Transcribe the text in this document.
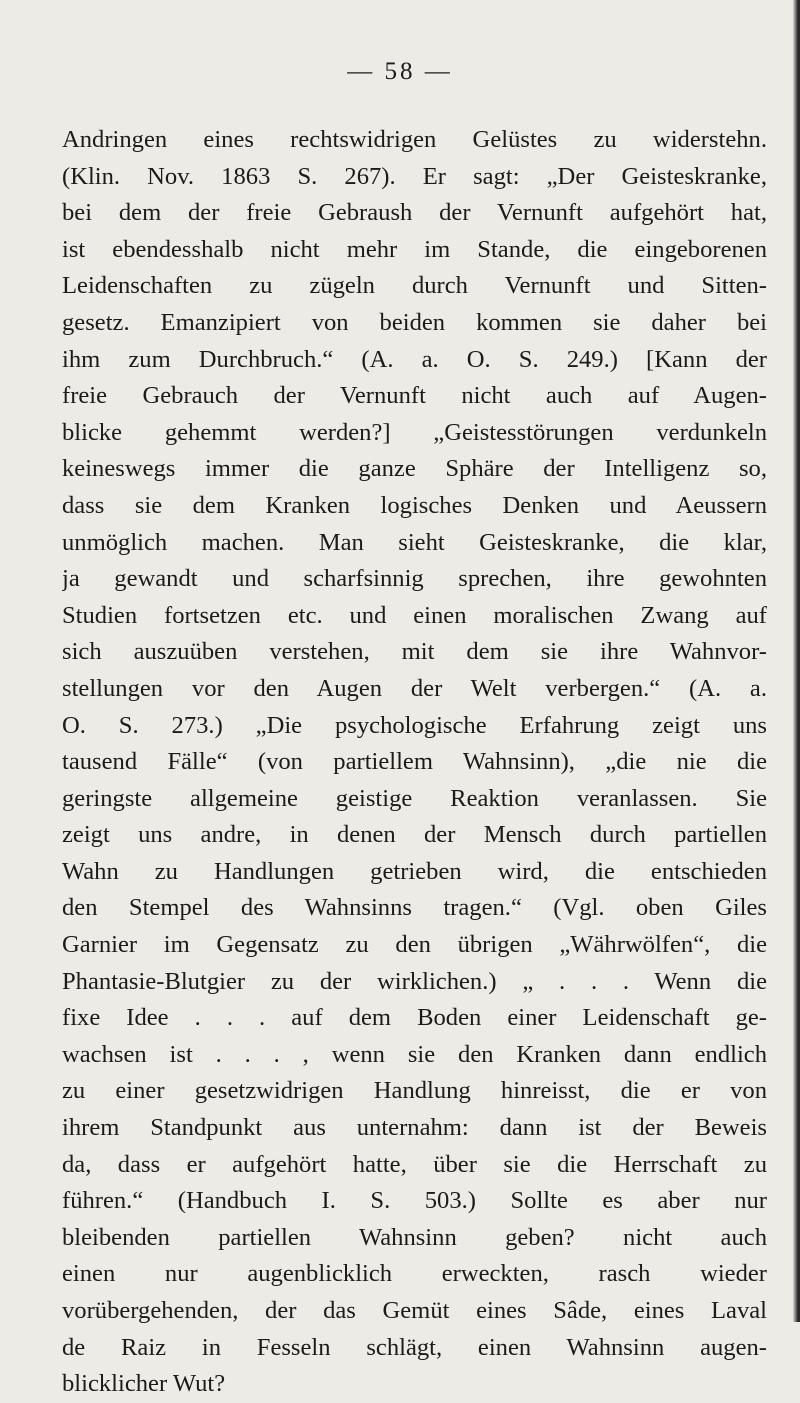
— 58 —
Andringen eines rechtswidrigen Gelüstes zu widerstehn.
(Klin. Nov. 1863 S. 267). Er sagt: „Der Geisteskranke,
bei dem der freie Gebraush der Vernunft aufgehört hat,
ist ebendesshalb nicht mehr im Stande, die eingeborenen
Leidenschaften zu zügeln durch Vernunft und Sitten-
gesetz. Emanzipiert von beiden kommen sie daher bei
ihm zum Durchbruch.“ (A. a. O. S. 249.) [Kann der
freie Gebrauch der Vernunft nicht auch auf Augen-
blicke gehemmt werden?] „Geistesstörungen verdunkeln
keineswegs immer die ganze Sphäre der Intelligenz so,
dass sie dem Kranken logisches Denken und Aeussern
unmöglich machen. Man sieht Geisteskranke, die klar,
ja gewandt und scharfsinnig sprechen, ihre gewohnten
Studien fortsetzen etc. und einen moralischen Zwang auf
sich auszuüben verstehen, mit dem sie ihre Wahnvor-
stellungen vor den Augen der Welt verbergen.“ (A. a.
O. S. 273.) „Die psychologische Erfahrung zeigt uns
tausend Fälle“ (von partiellem Wahnsinn), „die nie die
geringste allgemeine geistige Reaktion veranlassen. Sie
zeigt uns andre, in denen der Mensch durch partiellen
Wahn zu Handlungen getrieben wird, die entschieden
den Stempel des Wahnsinns tragen.“ (Vgl. oben Giles
Garnier im Gegensatz zu den übrigen „Währwölfen“, die
Phantasie-Blutgier zu der wirklichen.) „ . . . Wenn die
fixe Idee . . . auf dem Boden einer Leidenschaft ge-
wachsen ist . . . , wenn sie den Kranken dann endlich
zu einer gesetzwidrigen Handlung hinreisst, die er von
ihrem Standpunkt aus unternahm: dann ist der Beweis
da, dass er aufgehört hatte, über sie die Herrschaft zu
führen.“ (Handbuch I. S. 503.) Sollte es aber nur
bleibenden partiellen Wahnsinn geben? nicht auch
einen nur augenblicklich erweckten, rasch wieder
vorübergehenden, der das Gemüt eines Sâde, eines Laval
de Raiz in Fesseln schlägt, einen Wahnsinn augen-
blicklicher Wut?
